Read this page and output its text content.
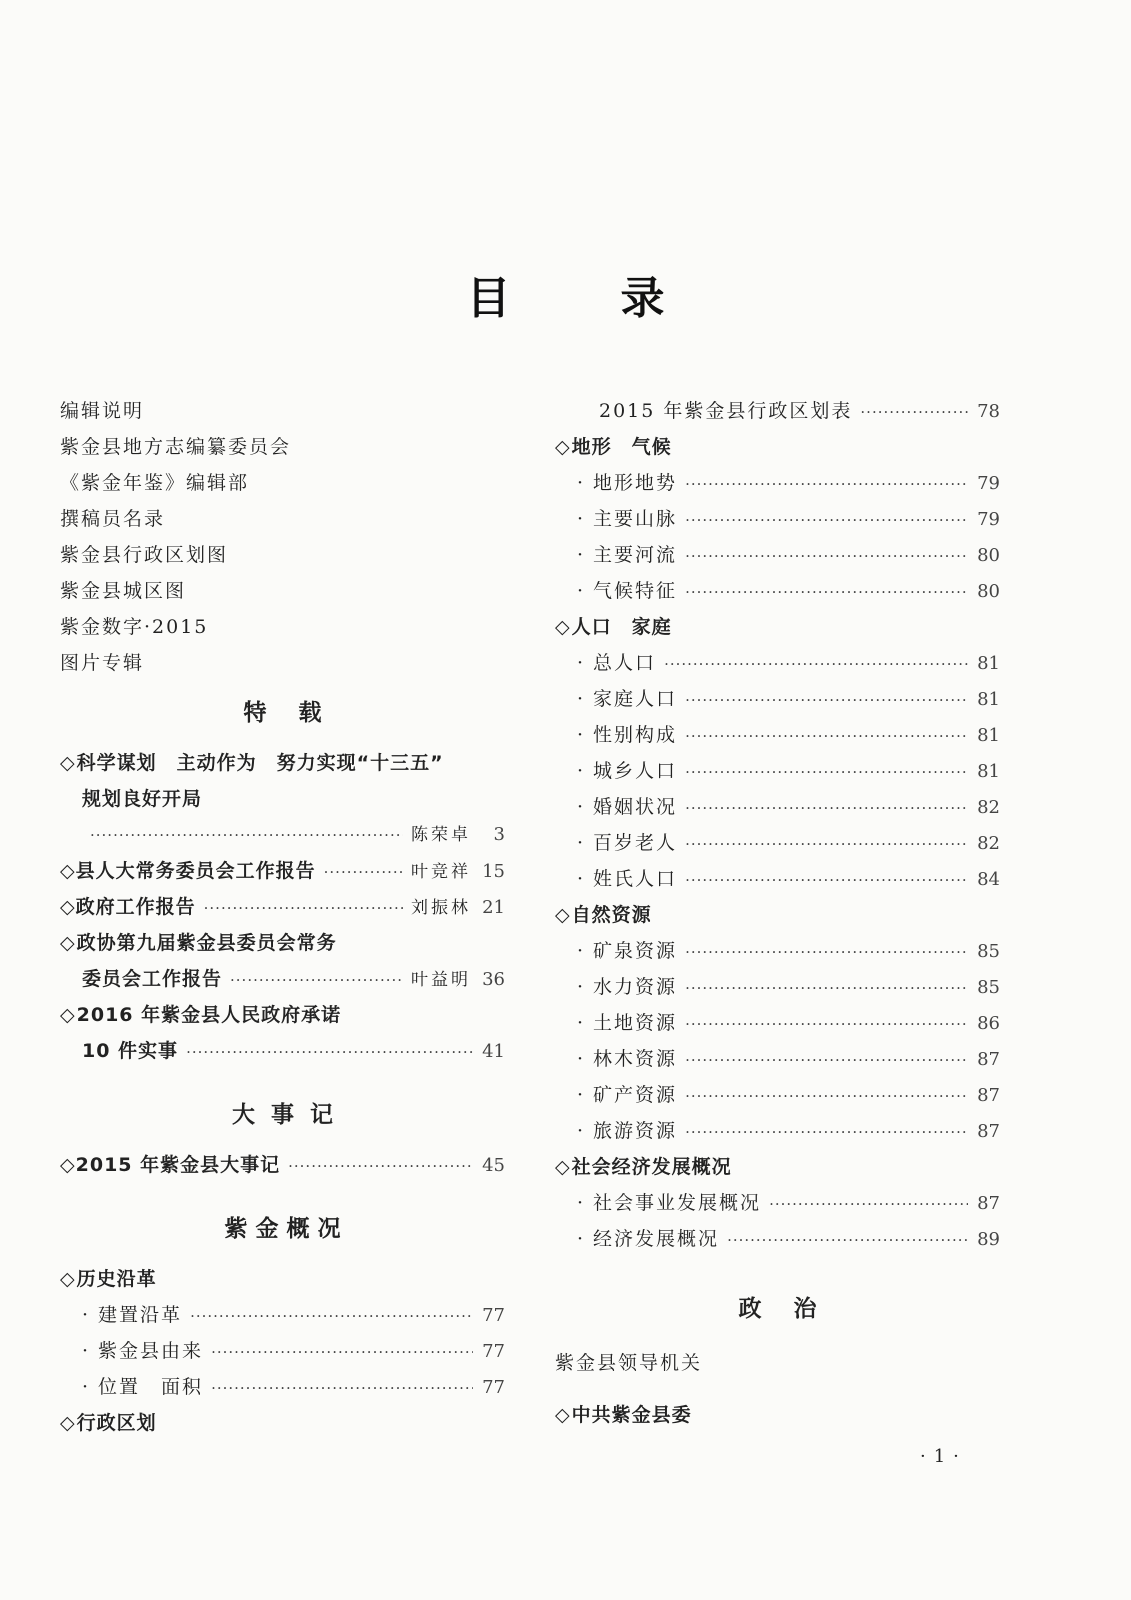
目录
编辑说明
紫金县地方志编纂委员会
《紫金年鉴》编辑部
撰稿员名录
紫金县行政区划图
紫金县城区图
紫金数字·2015
图片专辑
特    载
◇科学谋划　主动作为　努力实现“十三五”
规划良好开局
·····
陈荣卓	3
◇县人大常务委员会工作报告 ·····	叶竞祥 15
◇政府工作报告 ·····	刘振林 21
◇政协第九届紫金县委员会常务
委员会工作报告 ·····	叶益明 36
◇2016 年紫金县人民政府承诺
10 件实事 ·····	41
大  事  记
◇2015 年紫金县大事记 ·····	45
紫 金 概 况
◇历史沿革
· 建置沿革 ·····	77
· 紫金县由来 ·····	77
· 位置　面积 ·····	77
◇行政区划
2015 年紫金县行政区划表 ·····	78
◇地形　气候
· 地形地势 ·····	79
· 主要山脉 ·····	79
· 主要河流 ·····	80
· 气候特征 ·····	80
◇人口　家庭
· 总人口 ·····	81
· 家庭人口 ·····	81
· 性别构成 ·····	81
· 城乡人口 ·····	81
· 婚姻状况 ·····	82
· 百岁老人 ·····	82
· 姓氏人口 ·····	84
◇自然资源
· 矿泉资源 ·····	85
· 水力资源 ·····	85
· 土地资源 ·····	86
· 林木资源 ·····	87
· 矿产资源 ·····	87
· 旅游资源 ·····	87
◇社会经济发展概况
· 社会事业发展概况 ·····	87
· 经济发展概况 ·····	89
政    治
紫金县领导机关
◇中共紫金县委
·1·
